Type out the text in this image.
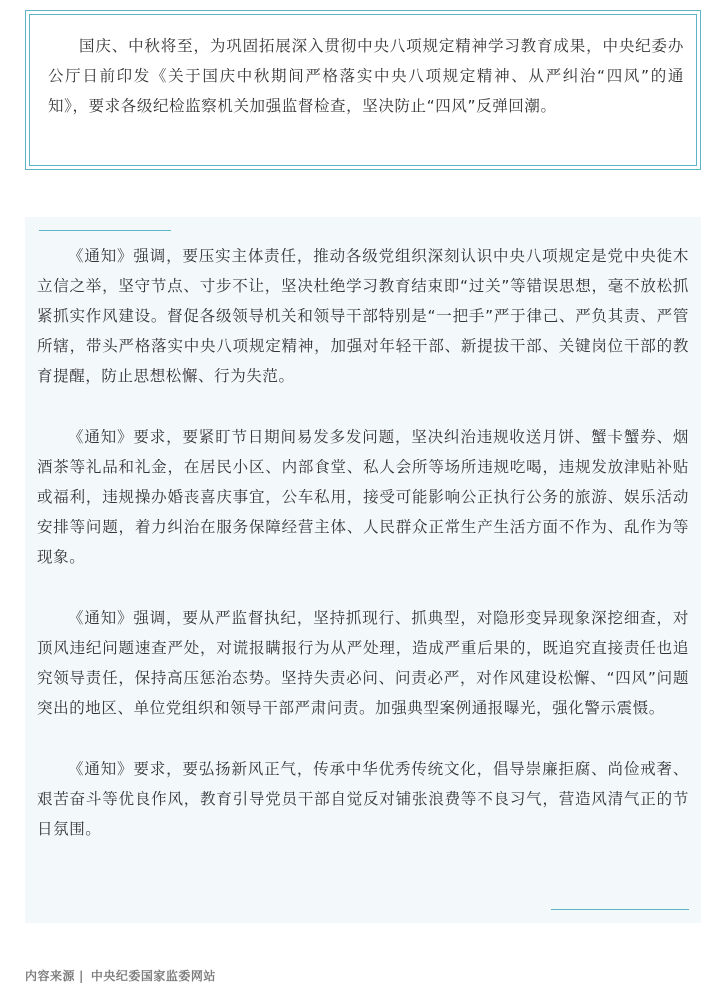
国庆、中秋将至，为巩固拓展深入贯彻中央八项规定精神学习教育成果，中央纪委办公厅日前印发《关于国庆中秋期间严格落实中央八项规定精神、从严纠治“四风”的通知》，要求各级纪检监察机关加强监督检查，坚决防止“四风”反弹回潮。

《通知》强调，要压实主体责任，推动各级党组织深刻认识中央八项规定是党中央徙木立信之举，坚守节点、寸步不让，坚决杜绝学习教育结束即“过关”等错误思想，毫不放松抓紧抓实作风建设。督促各级领导机关和领导干部特别是“一把手”严于律己、严负其责、严管所辖，带头严格落实中央八项规定精神，加强对年轻干部、新提拔干部、关键岗位干部的教育提醒，防止思想松懈、行为失范。

《通知》要求，要紧盯节日期间易发多发问题，坚决纠治违规收送月饼、蟹卡蟹券、烟酒茶等礼品和礼金，在居民小区、内部食堂、私人会所等场所违规吃喝，违规发放津贴补贴或福利，违规操办婚丧喜庆事宜，公车私用，接受可能影响公正执行公务的旅游、娱乐活动安排等问题，着力纠治在服务保障经营主体、人民群众正常生产生活方面不作为、乱作为等现象。

《通知》强调，要从严监督执纪，坚持抓现行、抓典型，对隐形变异现象深挖细查，对顶风违纪问题速查严处，对谎报瞒报行为从严处理，造成严重后果的，既追究直接责任也追究领导责任，保持高压惩治态势。坚持失责必问、问责必严，对作风建设松懈、“四风”问题突出的地区、单位党组织和领导干部严肃问责。加强典型案例通报曝光，强化警示震慑。

《通知》要求，要弘扬新风正气，传承中华优秀传统文化，倡导崇廉拒腐、尚俭戒奢、艰苦奋斗等优良作风，教育引导党员干部自觉反对铺张浪费等不良习气，营造风清气正的节日氛围。

内容来源 | 中央纪委国家监委网站
